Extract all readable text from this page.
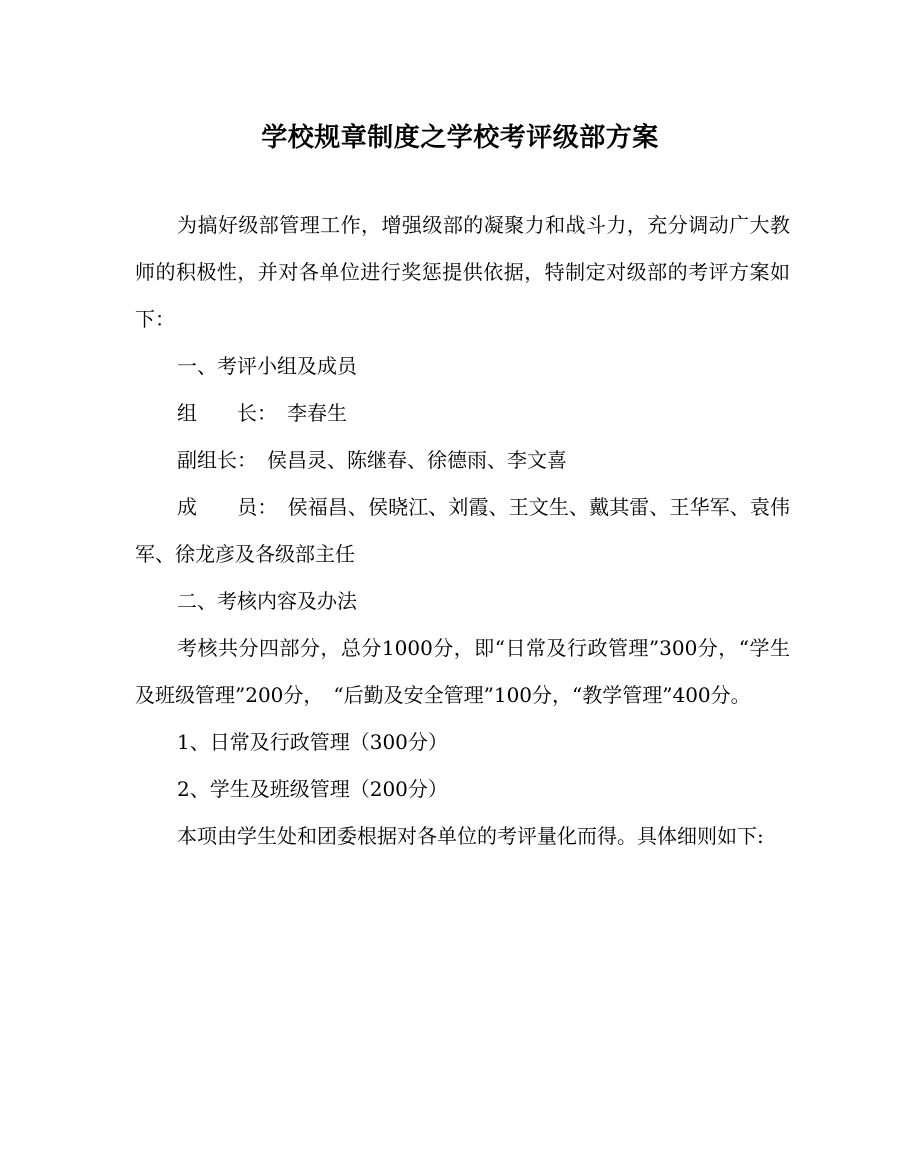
学校规章制度之学校考评级部方案

为搞好级部管理工作，增强级部的凝聚力和战斗力，充分调动广大教师的积极性，并对各单位进行奖惩提供依据，特制定对级部的考评方案如下：

一、考评小组及成员

组　　长：　李春生

副组长：　侯昌灵、陈继春、徐德雨、李文喜

成　　员：　侯福昌、侯晓江、刘霞、王文生、戴其雷、王华军、袁伟军、徐龙彦及各级部主任

二、考核内容及办法

考核共分四部分，总分1000分，即“日常及行政管理”300分，“学生及班级管理”200分，　“后勤及安全管理”100分，“教学管理”400分。

1、日常及行政管理（300分）

2、学生及班级管理（200分）

本项由学生处和团委根据对各单位的考评量化而得。具体细则如下:
